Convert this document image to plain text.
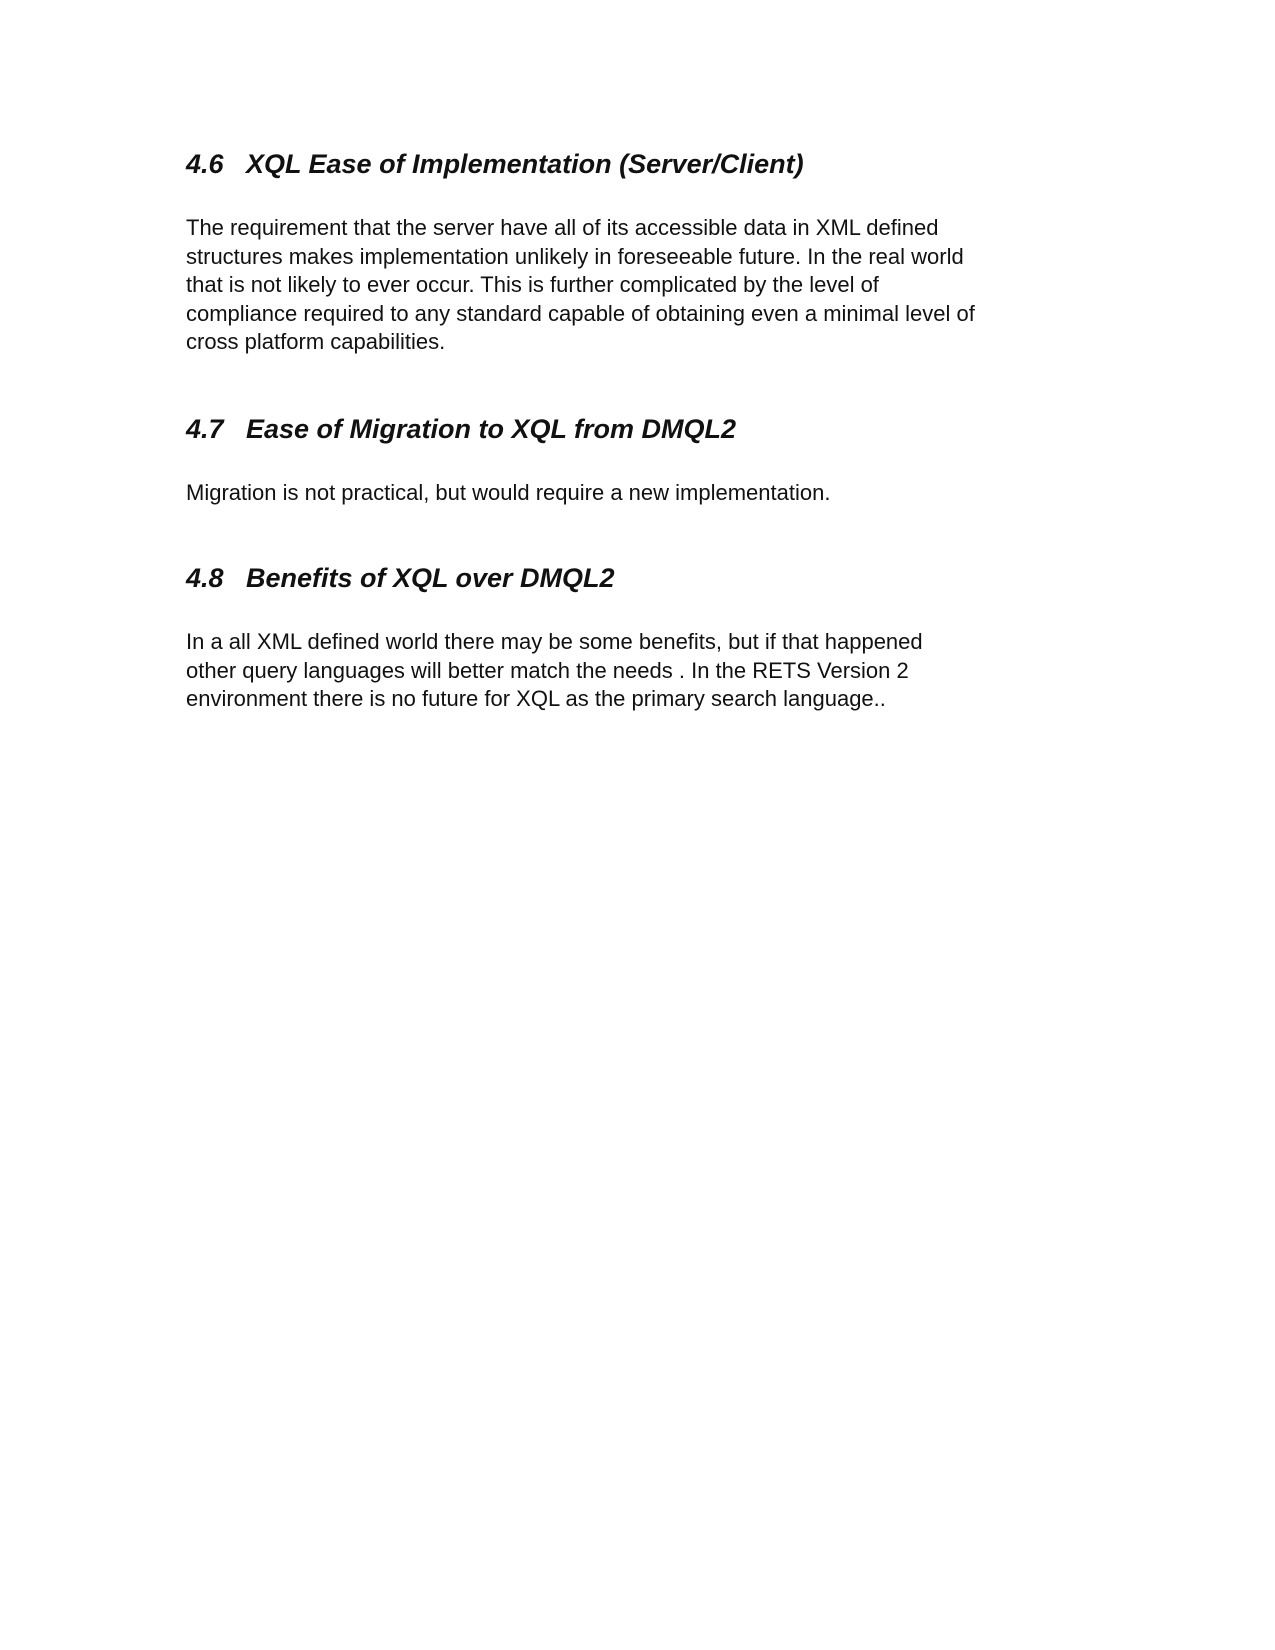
4.6 XQL Ease of Implementation (Server/Client)

The requirement that the server have all of its accessible data in XML defined
structures makes implementation unlikely in foreseeable future. In the real world
that is not likely to ever occur. This is further complicated by the level of
compliance required to any standard capable of obtaining even a minimal level of
cross platform capabilities.

4.7 Ease of Migration to XQL from DMQL2

Migration is not practical, but would require a new implementation.

4.8 Benefits of XQL over DMQL2

In a all XML defined world there may be some benefits, but if that happened
other query languages will better match the needs . In the RETS Version 2
environment there is no future for XQL as the primary search language..
